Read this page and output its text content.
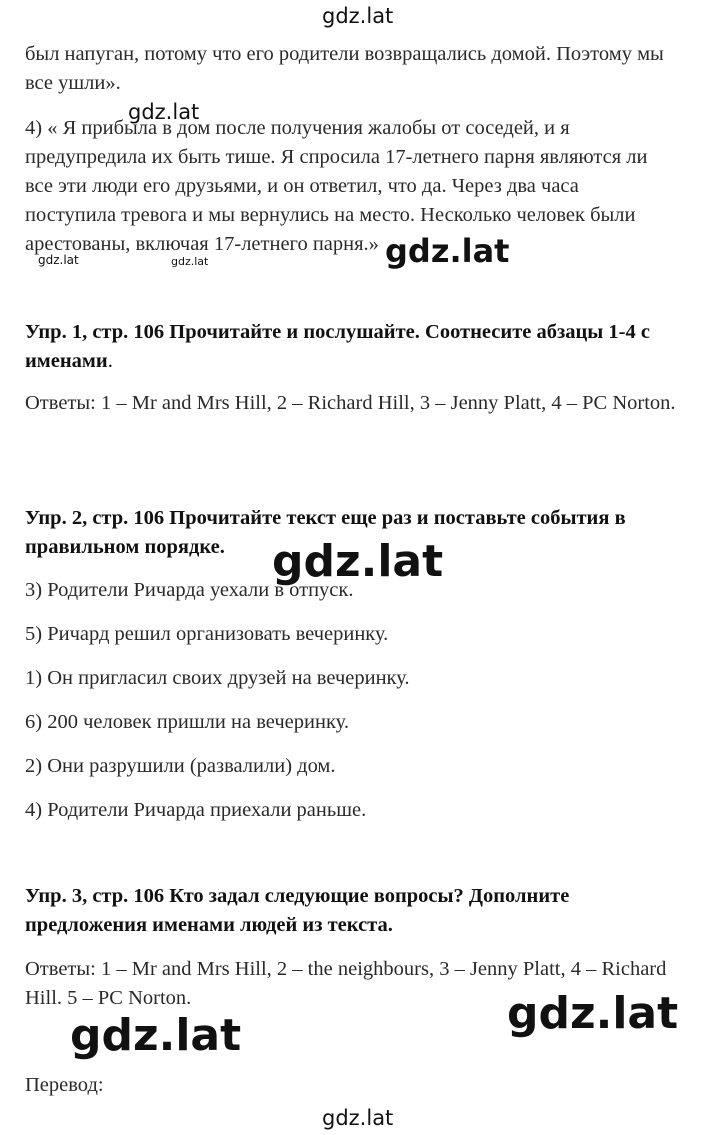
gdz.lat
gdz.lat
gdz.lat	gdz.lat	gdz.lat
gdz.lat
gdz.lat
gdz.lat
gdz.lat
был напуган, потому что его родители возвращались домой. Поэтому мы все ушли».
4) « Я прибыла в дом после получения жалобы от соседей, и я предупредила их быть тише. Я спросила 17-летнего парня являются ли все эти люди его друзьями, и он ответил, что да. Через два часа поступила тревога и мы вернулись на место. Несколько человек были арестованы, включая 17-летнего парня.»
Упр. 1, стр. 106 Прочитайте и послушайте. Соотнесите абзацы 1-4 с именами.
Ответы: 1 – Mr and Mrs Hill, 2 – Richard Hill, 3 – Jenny Platt, 4 – PC Norton.
Упр. 2, стр. 106 Прочитайте текст еще раз и поставьте события в правильном порядке.
3) Родители Ричарда уехали в отпуск.
5) Ричард решил организовать вечеринку.
1) Он пригласил своих друзей на вечеринку.
6) 200 человек пришли на вечеринку.
2) Они разрушили (развалили) дом.
4) Родители Ричарда приехали раньше.
Упр. 3, стр. 106 Кто задал следующие вопросы? Дополните предложения именами людей из текста.
Ответы: 1 – Mr and Mrs Hill, 2 – the neighbours, 3 – Jenny Platt, 4 – Richard Hill. 5 – PC Norton.
Перевод:
